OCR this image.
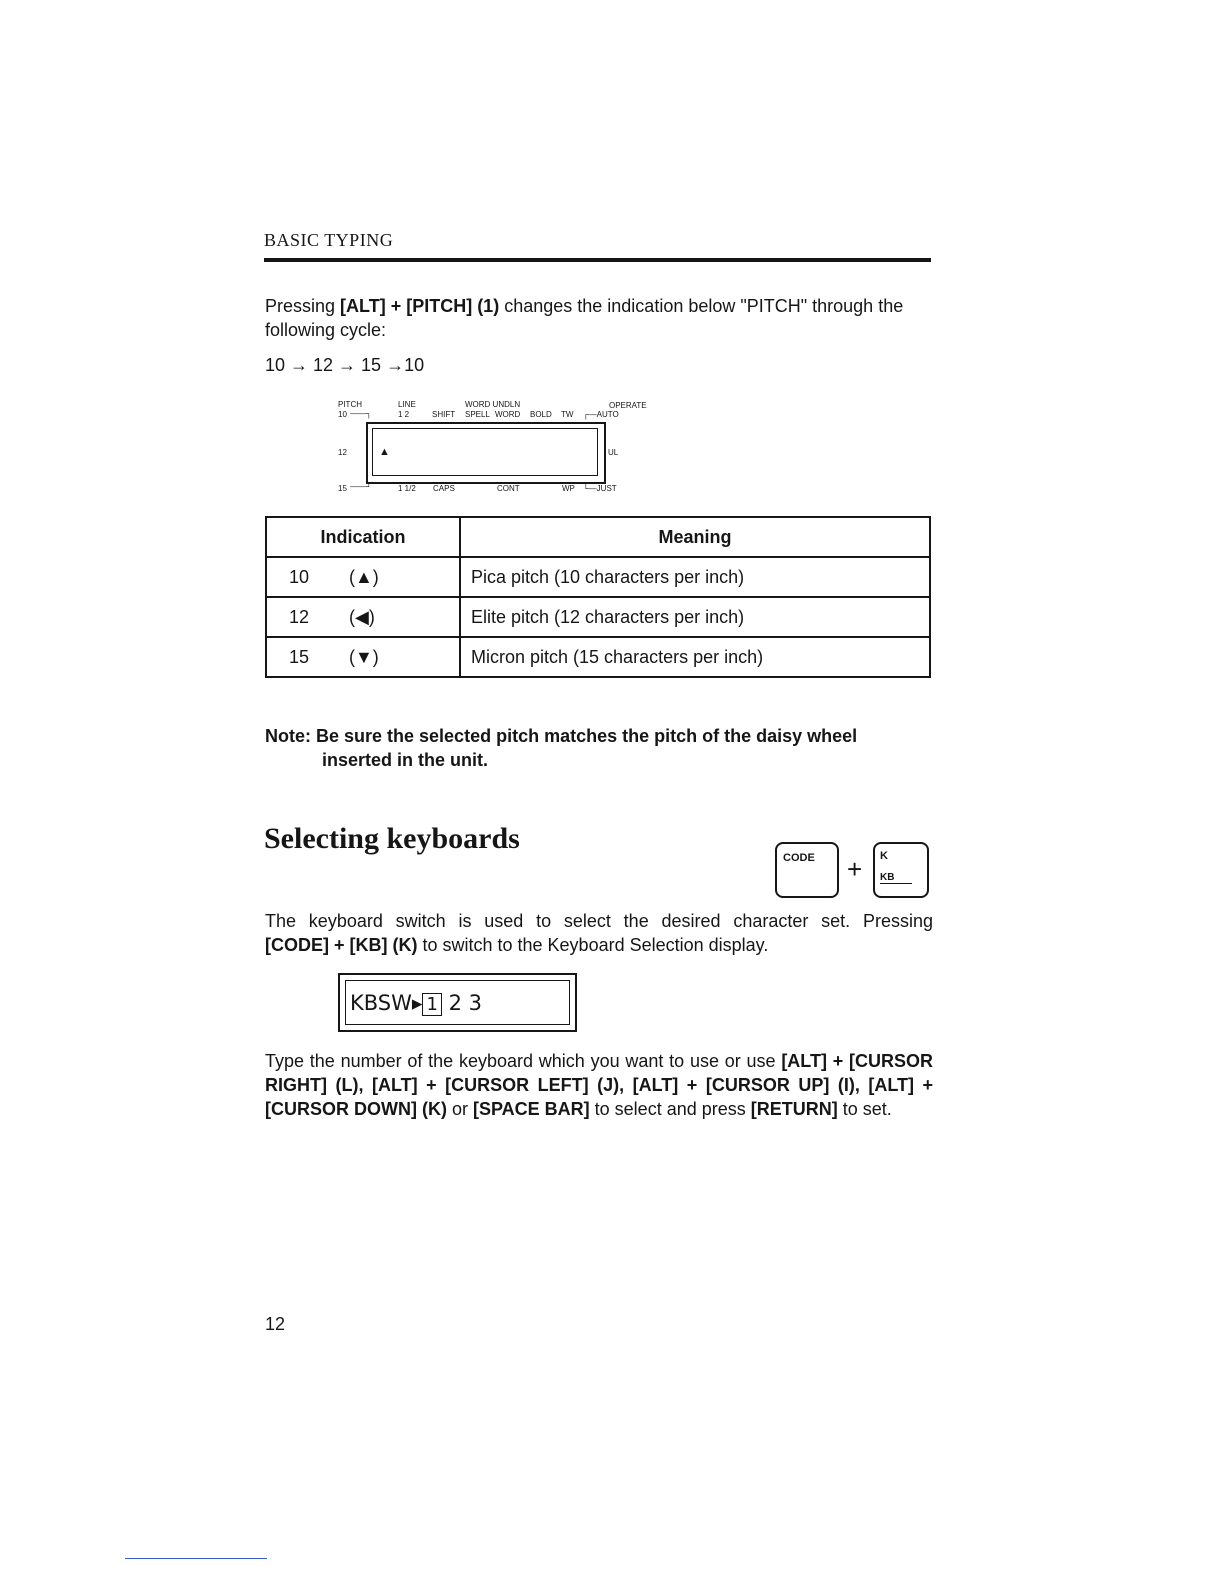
BASIC TYPING
Pressing [ALT] + [PITCH] (1) changes the indication below "PITCH" through the following cycle:
10 → 12 → 15 →10
PITCH	LINE	WORD UNDLN	OPERATE
10 ——┐	1 2	SHIFT SPELL WORD BOLD TW ┌—AUTO
12	UL
▲
15 ——┘	1 1/2 CAPS	CONT	WP └—JUST
Indication	Meaning
10 (▲)	Pica pitch (10 characters per inch)
12 (◀)	Elite pitch (12 characters per inch)
15 (▼)	Micron pitch (15 characters per inch)
Note: Be sure the selected pitch matches the pitch of the daisy wheel
inserted in the unit.
Selecting keyboards
CODE + K
KB
The keyboard switch is used to select the desired character set. Pressing
[CODE] + [KB] (K) to switch to the Keyboard Selection display.
KBSW▸ 1 2 3
Type the number of the keyboard which you want to use or use [ALT] + [CURSOR RIGHT] (L), [ALT] + [CURSOR LEFT] (J), [ALT] + [CURSOR UP] (I), [ALT] + [CURSOR DOWN] (K) or [SPACE BAR] to select and press [RETURN] to set.
12
